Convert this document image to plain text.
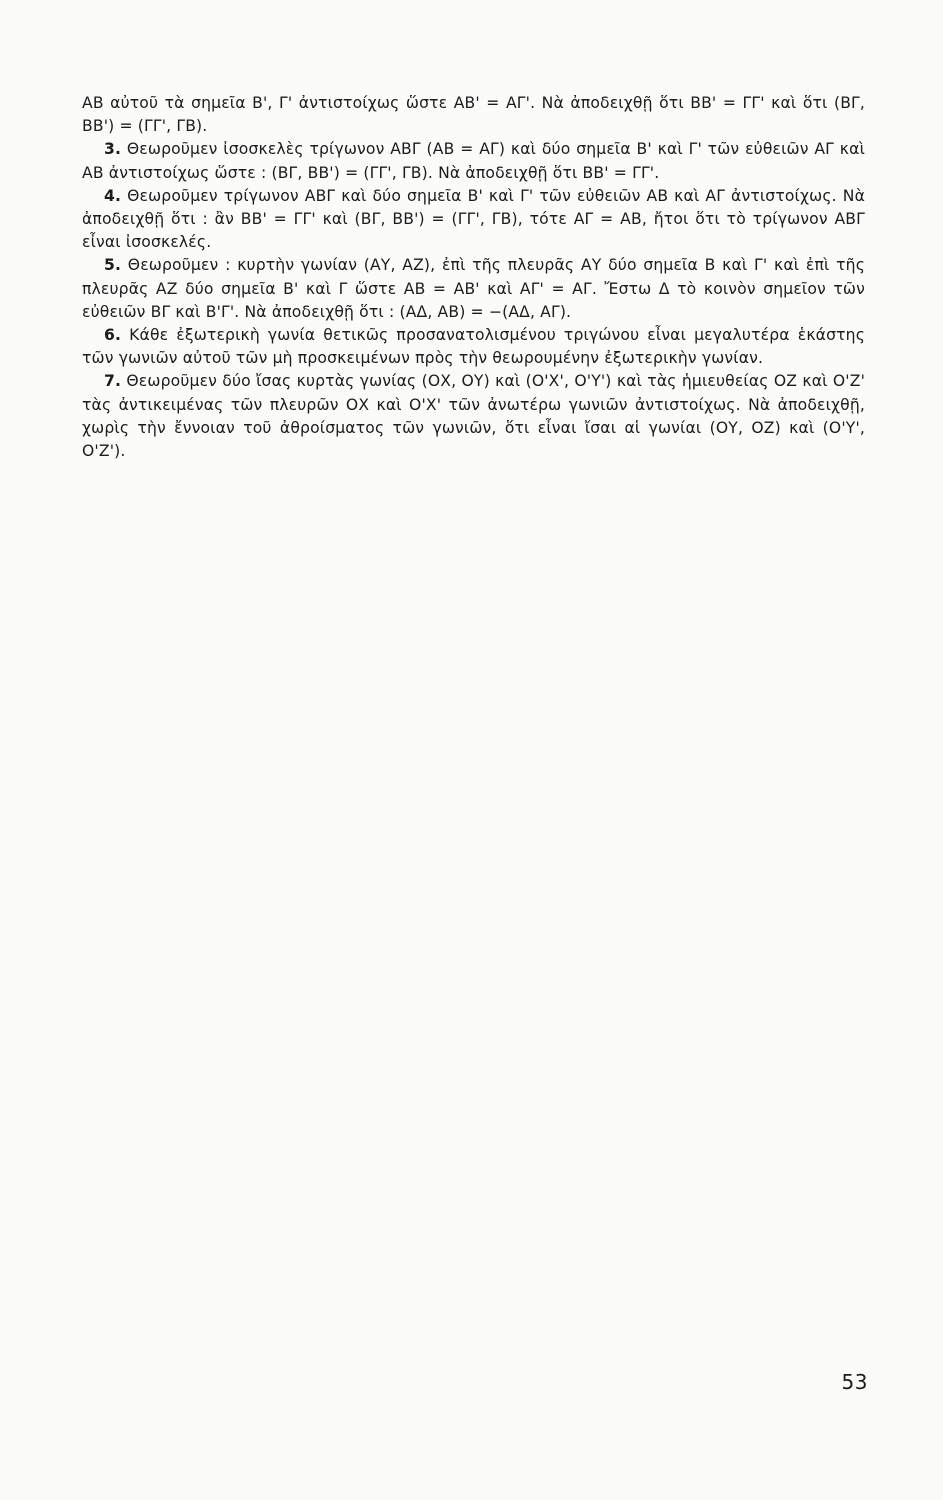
ΑΒ αὐτοῦ τὰ σημεῖα Β', Γ' ἀντιστοίχως ὥστε ΑΒ' = ΑΓ'. Νὰ ἀποδειχθῇ ὅτι ΒΒ' = ΓΓ' καὶ ὅτι (ΒΓ, ΒΒ') = (ΓΓ', ΓΒ).

3. Θεωροῦμεν ἰσοσκελὲς τρίγωνον ΑΒΓ (ΑΒ = ΑΓ) καὶ δύο σημεῖα Β' καὶ Γ' τῶν εὐθειῶν ΑΓ καὶ ΑΒ ἀντιστοίχως ὥστε : (ΒΓ, ΒΒ') = (ΓΓ', ΓΒ). Νὰ ἀποδειχθῇ ὅτι ΒΒ' = ΓΓ'.

4. Θεωροῦμεν τρίγωνον ΑΒΓ καὶ δύο σημεῖα Β' καὶ Γ' τῶν εὐθειῶν ΑΒ καὶ ΑΓ ἀντιστοίχως. Νὰ ἀποδειχθῇ ὅτι : ἂν ΒΒ' = ΓΓ' καὶ (ΒΓ, ΒΒ') = (ΓΓ', ΓΒ), τότε ΑΓ = ΑΒ, ἤτοι ὅτι τὸ τρίγωνον ΑΒΓ εἶναι ἰσοσκελές.

5. Θεωροῦμεν : κυρτὴν γωνίαν (ΑΥ, ΑΖ), ἐπὶ τῆς πλευρᾶς ΑΥ δύο σημεῖα Β καὶ Γ' καὶ ἐπὶ τῆς πλευρᾶς ΑΖ δύο σημεῖα Β' καὶ Γ ὥστε ΑΒ = ΑΒ' καὶ ΑΓ' = ΑΓ. Ἔστω Δ τὸ κοινὸν σημεῖον τῶν εὐθειῶν ΒΓ καὶ Β'Γ'. Νὰ ἀποδειχθῇ ὅτι : (ΑΔ, ΑΒ) = −(ΑΔ, ΑΓ).

6. Κάθε ἐξωτερικὴ γωνία θετικῶς προσανατολισμένου τριγώνου εἶναι μεγαλυτέρα ἑκάστης τῶν γωνιῶν αὐτοῦ τῶν μὴ προσκειμένων πρὸς τὴν θεωρουμένην ἐξωτερικὴν γωνίαν.

7. Θεωροῦμεν δύο ἴσας κυρτὰς γωνίας (ΟΧ, ΟΥ) καὶ (Ο'Χ', Ο'Υ') καὶ τὰς ἡμιευθείας ΟΖ καὶ Ο'Ζ' τὰς ἀντικειμένας τῶν πλευρῶν ΟΧ καὶ Ο'Χ' τῶν ἀνωτέρω γωνιῶν ἀντιστοίχως. Νὰ ἀποδειχθῇ, χωρὶς τὴν ἔννοιαν τοῦ ἀθροίσματος τῶν γωνιῶν, ὅτι εἶναι ἴσαι αἱ γωνίαι (ΟΥ, ΟΖ) καὶ (Ο'Υ', Ο'Ζ').

53
